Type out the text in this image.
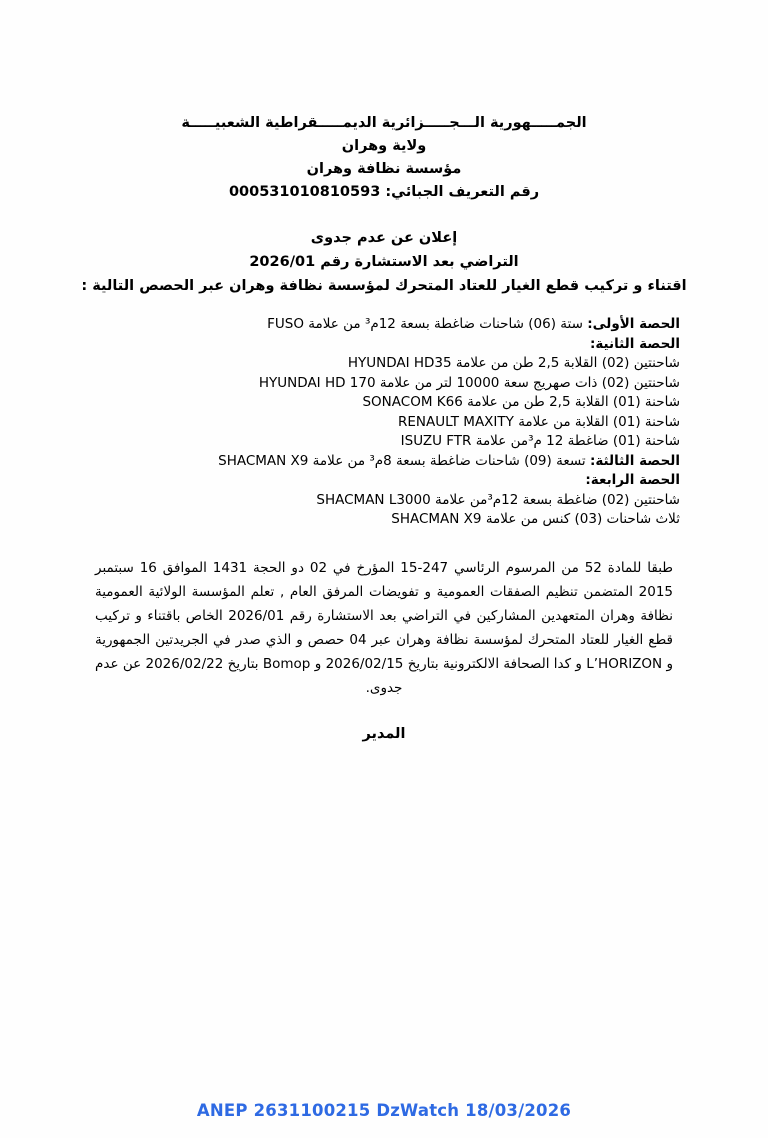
الجمـــــهورية الـــجـــــزائرية الديمـــــقراطية الشعبيـــــة
ولاية وهران
مؤسسة نظافة وهران
رقم التعريف الجبائي: 000531010810593
إعلان عن عدم جدوى
التراضي بعد الاستشارة رقم 2026/01
اقتناء و تركيب قطع الغيار للعتاد المتحرك لمؤسسة نظافة وهران عبر الحصص التالية :
الحصة الأولى: ستة (06) شاحنات ضاغطة بسعة 12م³ من علامة FUSO
الحصة الثانية:
شاحنتين (02) القلابة 2,5 طن من علامة HYUNDAI HD35
شاحنتين (02) ذات صهريج سعة 10000 لتر من علامة HYUNDAI HD 170
شاحنة (01) القلابة 2,5 طن من علامة SONACOM K66
شاحنة (01) القلابة من علامة RENAULT MAXITY
شاحنة (01) ضاغطة 12 م³من علامة ISUZU FTR
الحصة الثالثة: تسعة (09) شاحنات ضاغطة بسعة 8م³ من علامة SHACMAN X9
الحصة الرابعة:
شاحنتين (02) ضاغطة بسعة 12م³من علامة SHACMAN L3000
ثلاث شاحنات (03) كنس من علامة SHACMAN X9
طبقا للمادة 52 من المرسوم الرئاسي 247-15 المؤرخ في 02 دو الحجة 1431 الموافق 16 سبتمبر 2015 المتضمن تنظيم الصفقات العمومية و تفويضات المرفق العام , تعلم المؤسسة الولائية العمومية نظافة وهران المتعهدين المشاركين في التراضي بعد الاستشارة رقم 2026/01 الخاص باقتناء و تركيب قطع الغيار للعتاد المتحرك لمؤسسة نظافة وهران عبر 04 حصص و الذي صدر في الجريدتين الجمهورية و L’HORIZON و كدا الصحافة الالكترونية بتاريخ 2026/02/15 و Bomop بتاريخ 2026/02/22 عن عدم جدوى.
المدير
ANEP 2631100215 DzWatch 18/03/2026
